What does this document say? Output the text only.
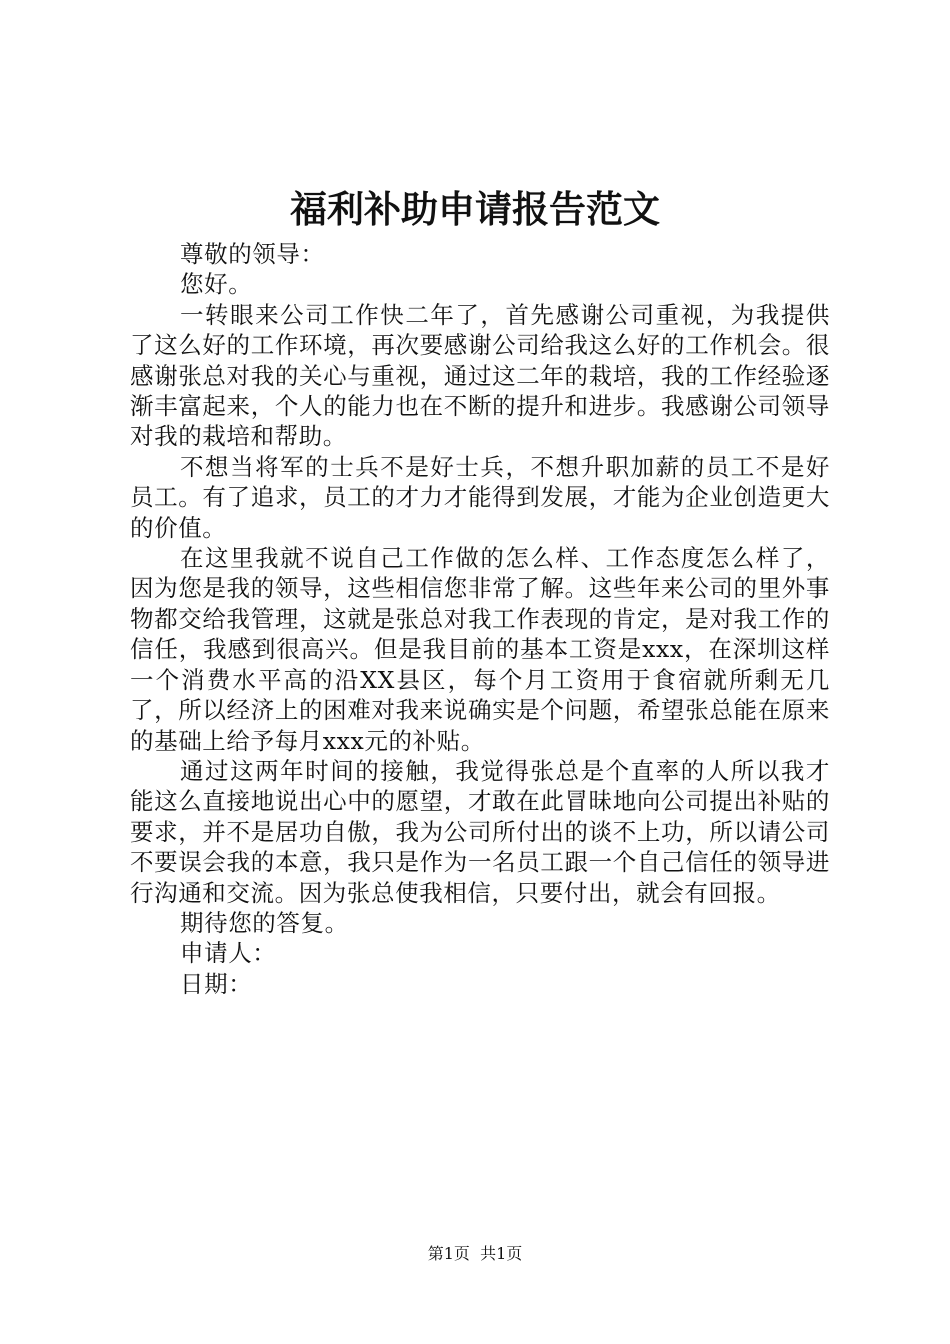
福利补助申请报告范文

尊敬的领导：

您好。

一转眼来公司工作快二年了，首先感谢公司重视，为我提供了这么好的工作环境，再次要感谢公司给我这么好的工作机会。很感谢张总对我的关心与重视，通过这二年的栽培，我的工作经验逐渐丰富起来，个人的能力也在不断的提升和进步。我感谢公司领导对我的栽培和帮助。

不想当将军的士兵不是好士兵，不想升职加薪的员工不是好员工。有了追求，员工的才力才能得到发展，才能为企业创造更大的价值。

在这里我就不说自己工作做的怎么样、工作态度怎么样了，因为您是我的领导，这些相信您非常了解。这些年来公司的里外事物都交给我管理，这就是张总对我工作表现的肯定，是对我工作的信任，我感到很高兴。但是我目前的基本工资是xxx，在深圳这样一个消费水平高的沿XX县区，每个月工资用于食宿就所剩无几了，所以经济上的困难对我来说确实是个问题，希望张总能在原来的基础上给予每月xxx元的补贴。

通过这两年时间的接触，我觉得张总是个直率的人所以我才能这么直接地说出心中的愿望，才敢在此冒昧地向公司提出补贴的要求，并不是居功自傲，我为公司所付出的谈不上功，所以请公司不要误会我的本意，我只是作为一名员工跟一个自己信任的领导进行沟通和交流。因为张总使我相信，只要付出，就会有回报。

期待您的答复。

申请人：

日期：

第1页  共1页
